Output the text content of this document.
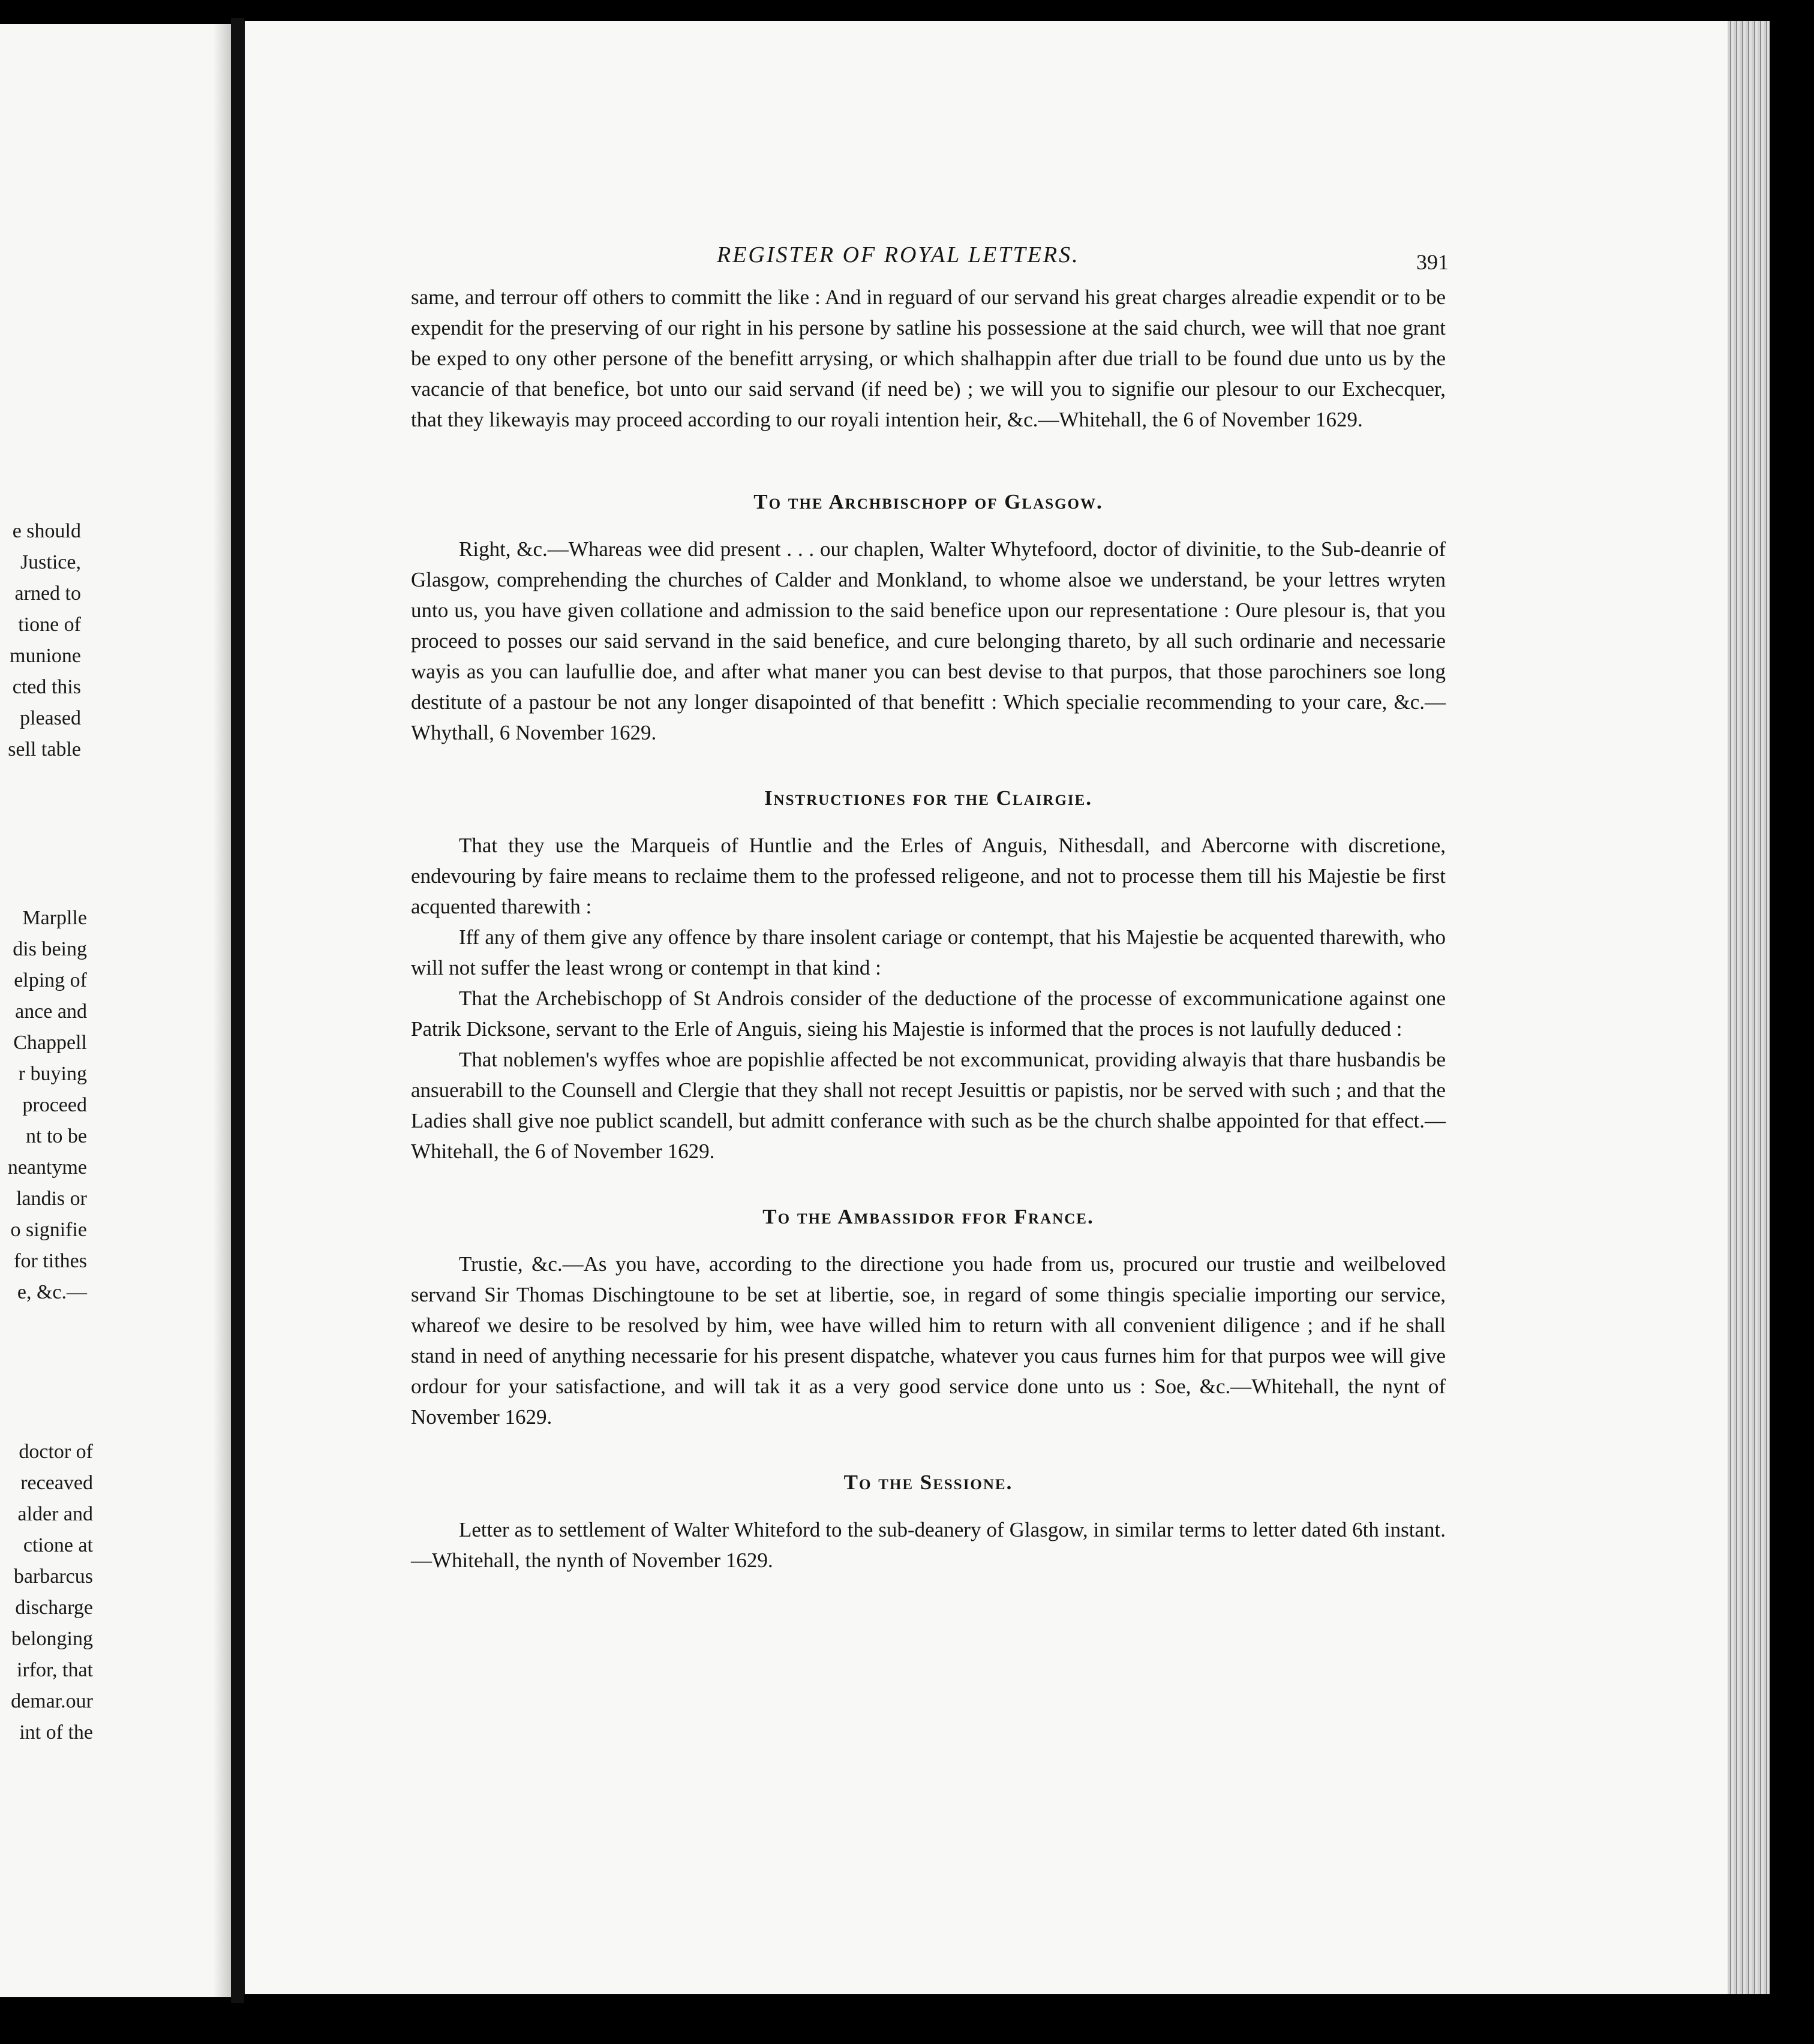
e should
Justice,
arned to
tione of
munione
cted this
pleased
sell table
Marplle
dis being
elping of
ance and
Chappell
r buying
proceed
nt to be
neantyme
landis or
o signifie
for tithes
e, &c.—
doctor of
receaved
alder and
ctione at
barbarcus
discharge
belonging
irfor, that
demar.our
int of the
REGISTER OF ROYAL LETTERS.	391

same, and terrour off others to committ the like : And in reguard of our servand his great charges alreadie expendit or to be expendit for the preserving of our right in his persone by satline his possessione at the said church, wee will that noe grant be exped to ony other persone of the benefitt arrysing, or which shalhappin after due triall to be found due unto us by the vacancie of that benefice, bot unto our said servand (if need be) ; we will you to signifie our plesour to our Exchecquer, that they likewayis may proceed according to our royali intention heir, &c.—Whitehall, the 6 of November 1629.

To the Archbischopp of Glasgow.

Right, &c.—Whareas wee did present . . . our chaplen, Walter Whytefoord, doctor of divinitie, to the Sub-deanrie of Glasgow, comprehending the churches of Calder and Monkland, to whome alsoe we understand, be your lettres wryten unto us, you have given collatione and admission to the said benefice upon our representatione : Oure plesour is, that you proceed to posses our said servand in the said benefice, and cure belonging thareto, by all such ordinarie and necessarie wayis as you can laufullie doe, and after what maner you can best devise to that purpos, that those parochiners soe long destitute of a pastour be not any longer disapointed of that benefitt : Which specialie recommending to your care, &c.—Whythall, 6 November 1629.

Instructiones for the Clairgie.

That they use the Marqueis of Huntlie and the Erles of Anguis, Nithesdall, and Abercorne with discretione, endevouring by faire means to reclaime them to the professed religeone, and not to processe them till his Majestie be first acquented tharewith :

Iff any of them give any offence by thare insolent cariage or contempt, that his Majestie be acquented tharewith, who will not suffer the least wrong or contempt in that kind :

That the Archebischopp of St Androis consider of the deductione of the processe of excommunicatione against one Patrik Dicksone, servant to the Erle of Anguis, sieing his Majestie is informed that the proces is not laufully deduced :

That noblemen's wyffes whoe are popishlie affected be not excommunicat, providing alwayis that thare husbandis be ansuerabill to the Counsell and Clergie that they shall not recept Jesuittis or papistis, nor be served with such ; and that the Ladies shall give noe publict scandell, but admitt conferance with such as be the church shalbe appointed for that effect.—Whitehall, the 6 of November 1629.

To the Ambassidor ffor France.

Trustie, &c.—As you have, according to the directione you hade from us, procured our trustie and weilbeloved servand Sir Thomas Dischingtoune to be set at libertie, soe, in regard of some thingis specialie importing our service, whareof we desire to be resolved by him, wee have willed him to return with all convenient diligence ; and if he shall stand in need of anything necessarie for his present dispatche, whatever you caus furnes him for that purpos wee will give ordour for your satisfactione, and will tak it as a very good service done unto us : Soe, &c.—Whitehall, the nynt of November 1629.

To the Sessione.

Letter as to settlement of Walter Whiteford to the sub-deanery of Glasgow, in similar terms to letter dated 6th instant.—Whitehall, the nynth of November 1629.
